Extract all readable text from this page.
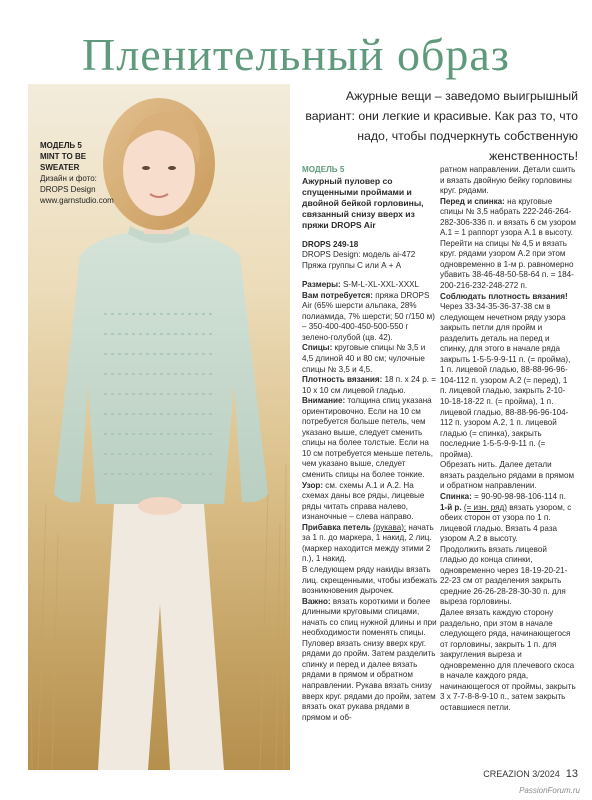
Пленительный образ
МОДЕЛЬ 5
MINT TO BE
SWEATER
Дизайн и фото:
DROPS Design
www.garnstudio.com
Ажурные вещи – заведомо выигрышный вариант: они легкие и красивые. Как раз то, что надо, чтобы подчеркнуть собственную женственность!

МОДЕЛЬ 5

Ажурный пуловер со спущенными проймами и двойной бейкой горловины, связанный снизу вверх из пряжи DROPS Air

DROPS 249-18

DROPS Design: модель ai-472 Пряжа группы С или А + А

Размеры: S-M-L-XL-XXL-XXXL

Вам потребуется: пряжа DROPS Air (65% шерсти альпака, 28% полиамида, 7% шерсти; 50 г/150 м) – 350-400-400-450-500-550 г зелено-голубой (цв. 42).

Спицы: круговые спицы № 3,5 и 4,5 длиной 40 и 80 см; чулочные спицы № 3,5 и 4,5.

Плотность вязания: 18 п. х 24 р. = 10 х 10 см лицевой гладью.

Внимание: толщина спиц указана ориентировочно. Если на 10 см потребуется больше петель, чем указано выше, следует сменить спицы на более толстые. Если на 10 см потребуется меньше петель, чем указано выше, следует сменить спицы на более тонкие.

Узор: см. схемы А.1 и А.2. На схемах даны все ряды, лицевые ряды читать справа налево, изнаночные – слева направо.

Прибавка петель (рукава): начать за 1 п. до маркера, 1 накид, 2 лиц. (маркер находится между этими 2 п.), 1 накид.

В следующем ряду накиды вязать лиц. скрещенными, чтобы избежать возникновения дырочек.

Важно: вязать короткими и более длинными круговыми спицами, начать со спиц нужной длины и при необходимости поменять спицы.

Пуловер вязать снизу вверх круг. рядами до пройм. Затем разделить спинку и перед и далее вязать рядами в прямом и обратном направлении. Рукава вязать снизу вверх круг. рядами до пройм, затем вязать окат рукава рядами в прямом и об-

ратном направлении. Детали сшить и вязать двойную бейку горловины круг. рядами.

Перед и спинка: на круговые спицы № 3,5 набрать 222-246-264-282-306-336 п. и вязать 6 см узором А.1 = 1 раппорт узора А.1 в высоту. Перейти на спицы № 4,5 и вязать круг. рядами узором А.2 при этом одновременно в 1-м р. равномерно убавить 38-46-48-50-58-64 п. = 184-200-216-232-248-272 п.

Соблюдать плотность вязания!

Через 33-34-35-36-37-38 см в следующем нечетном ряду узора закрыть петли для пройм и разделить деталь на перед и спинку, для этого в начале ряда закрыть 1-5-5-9-9-11 п. (= пройма), 1 п. лицевой гладью, 88-88-96-96-104-112 п. узором А.2 (= перед), 1 п. лицевой гладью, закрыть 2-10-10-18-18-22 п. (= пройма), 1 п. лицевой гладью, 88-88-96-96-104-112 п. узором А.2, 1 п. лицевой гладью (= спинка), закрыть последние 1-5-5-9-9-11 п. (= пройма).

Обрезать нить. Далее детали вязать раздельно рядами в прямом и обратном направлении.

Спинка: = 90-90-98-98-106-114 п.

1-й р. (= изн. ряд) вязать узором, с обеих сторон от узора по 1 п. лицевой гладью. Вязать 4 раза узором А.2 в высоту.

Продолжить вязать лицевой гладью до конца спинки, одновременно через 18-19-20-21-22-23 см от разделения закрыть средние 26-26-28-28-30-30 п. для выреза горловины.

Далее вязать каждую сторону раздельно, при этом в начале следующего ряда, начинающегося от горловины, закрыть 1 п. для закругления выреза и одновременно для плечевого скоса в начале каждого ряда, начинающегося от проймы, закрыть 3 х 7-7-8-8-9-10 п., затем закрыть оставшиеся петли.

CREAZION 3/2024 13
PassionForum.ru
